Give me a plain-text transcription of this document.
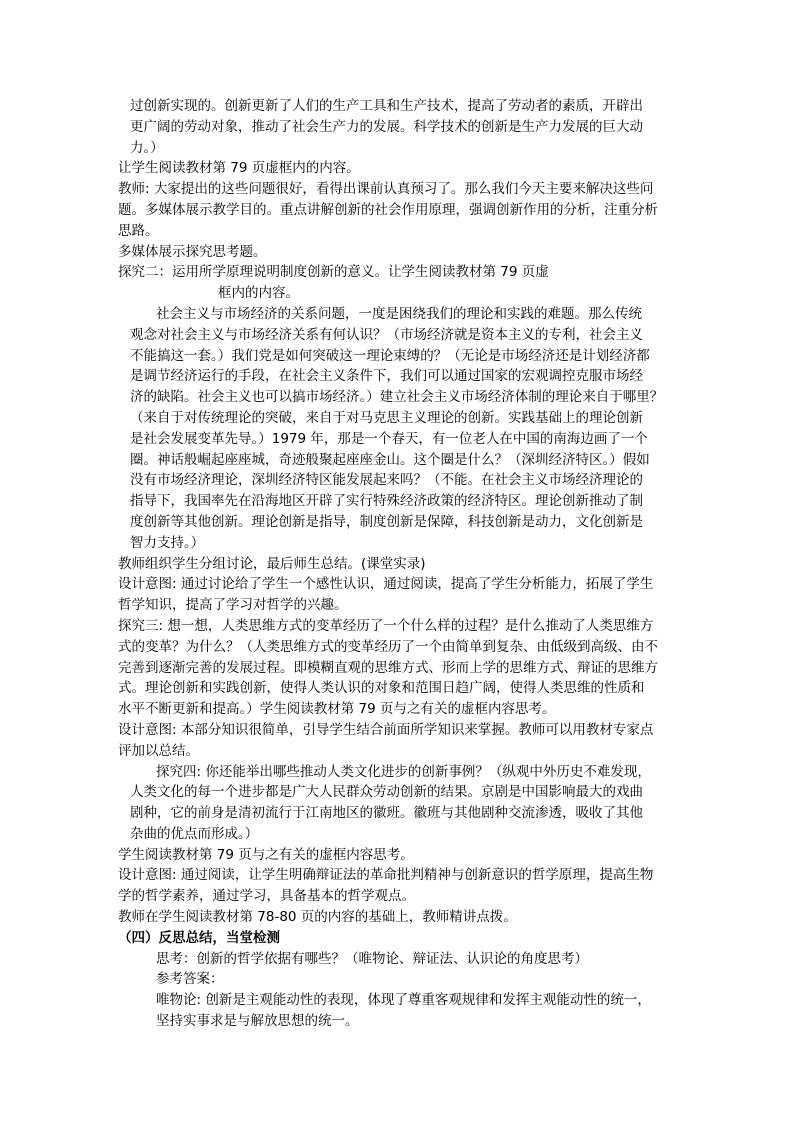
过创新实现的。创新更新了人们的生产工具和生产技术，提高了劳动者的素质，开辟出

更广阔的劳动对象，推动了社会生产力的发展。科学技术的创新是生产力发展的巨大动

力。）

让学生阅读教材第 79 页虚框内的内容。

教师: 大家提出的这些问题很好，看得出课前认真预习了。那么我们今天主要来解决这些问

题。多媒体展示教学目的。重点讲解创新的社会作用原理，强调创新作用的分析，注重分析

思路。

多媒体展示探究思考题。

探究二：运用所学原理说明制度创新的意义。让学生阅读教材第 79 页虚

框内的内容。

社会主义与市场经济的关系问题，一度是困绕我们的理论和实践的难题。那么传统

观念对社会主义与市场经济关系有何认识？（市场经济就是资本主义的专利，社会主义

不能搞这一套。）我们党是如何突破这一理论束缚的？（无论是市场经济还是计划经济都

是调节经济运行的手段，在社会主义条件下，我们可以通过国家的宏观调控克服市场经

济的缺陷。社会主义也可以搞市场经济。）建立社会主义市场经济体制的理论来自于哪里？

（来自于对传统理论的突破，来自于对马克思主义理论的创新。实践基础上的理论创新

是社会发展变革先导。）1979 年，那是一个春天，有一位老人在中国的南海边画了一个

圈。神话般崛起座座城，奇迹般聚起座座金山。这个圈是什么？（深圳经济特区。）假如

没有市场经济理论，深圳经济特区能发展起来吗？（不能。在社会主义市场经济理论的

指导下，我国率先在沿海地区开辟了实行特殊经济政策的经济特区。理论创新推动了制

度创新等其他创新。理论创新是指导，制度创新是保障，科技创新是动力，文化创新是

智力支持。）

教师组织学生分组讨论，最后师生总结。(课堂实录)

设计意图: 通过讨论给了学生一个感性认识，通过阅读，提高了学生分析能力，拓展了学生

哲学知识，提高了学习对哲学的兴趣。

探究三: 想一想，人类思维方式的变革经历了一个什么样的过程？是什么推动了人类思维方

式的变革？为什么？（人类思维方式的变革经历了一个由简单到复杂、由低级到高级、由不

完善到逐渐完善的发展过程。即模糊直观的思维方式、形而上学的思维方式、辩证的思维方

式。理论创新和实践创新，使得人类认识的对象和范围日趋广阔，使得人类思维的性质和

水平不断更新和提高。）学生阅读教材第 79 页与之有关的虚框内容思考。

设计意图: 本部分知识很简单，引导学生结合前面所学知识来掌握。教师可以用教材专家点

评加以总结。

探究四: 你还能举出哪些推动人类文化进步的创新事例？（纵观中外历史不难发现，

人类文化的每一个进步都是广大人民群众劳动创新的结果。京剧是中国影响最大的戏曲

剧种，它的前身是清初流行于江南地区的徽班。徽班与其他剧种交流渗透，吸收了其他

杂曲的优点而形成。）

学生阅读教材第 79 页与之有关的虚框内容思考。

设计意图: 通过阅读，让学生明确辩证法的革命批判精神与创新意识的哲学原理，提高生物

学的哲学素养，通过学习，具备基本的哲学观点。

教师在学生阅读教材第 78-80 页的内容的基础上，教师精讲点拨。

（四）反思总结，当堂检测

思考：创新的哲学依据有哪些？（唯物论、辩证法、认识论的角度思考）

参考答案：

唯物论: 创新是主观能动性的表现，体现了尊重客观规律和发挥主观能动性的统一，

坚持实事求是与解放思想的统一。
